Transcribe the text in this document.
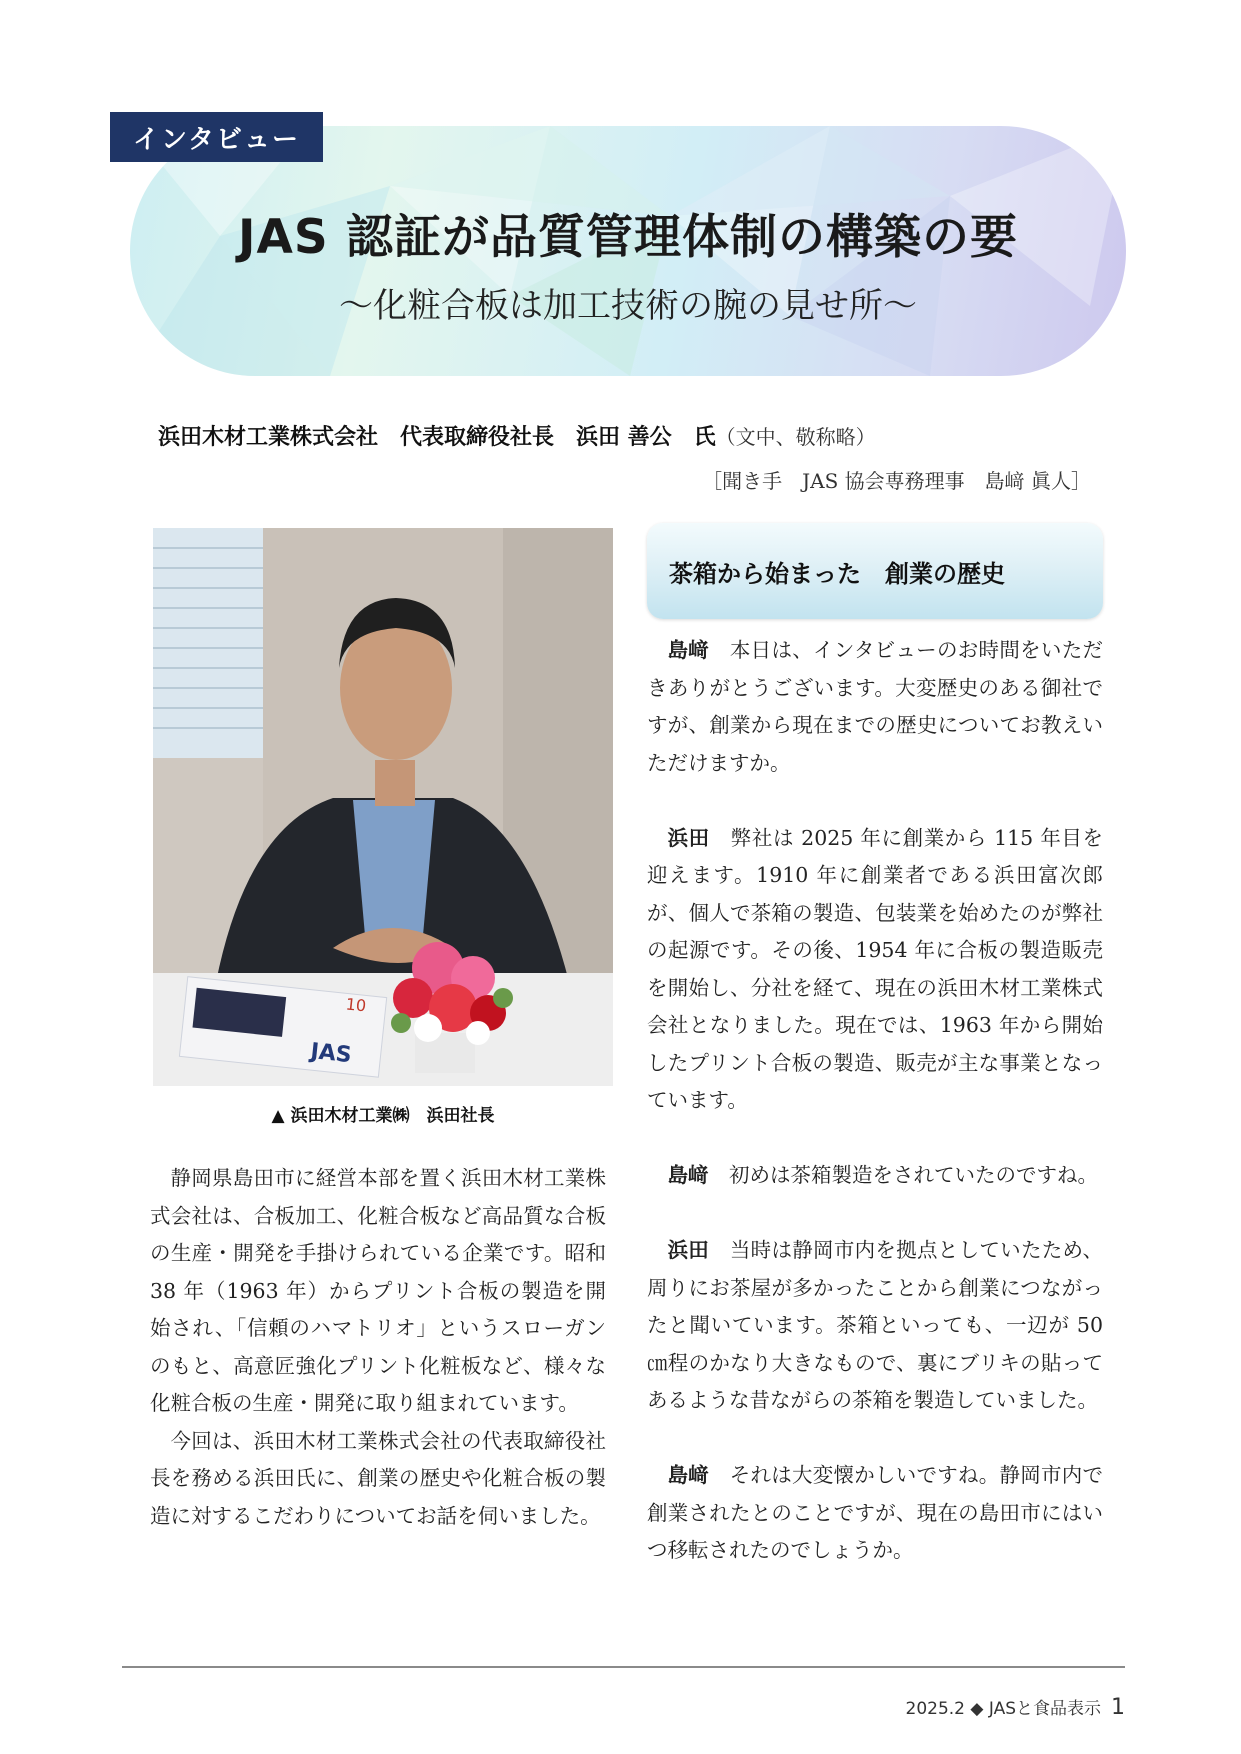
インタビュー
JAS 認証が品質管理体制の構築の要
～化粧合板は加工技術の腕の見せ所～
浜田木材工業株式会社　代表取締役社長　浜田 善公　氏（文中、敬称略）
［聞き手　JAS 協会専務理事　島﨑 眞人］
JAS
10
▲ 浜田木材工業㈱　浜田社長

静岡県島田市に経営本部を置く浜田木材工業株式会社は、合板加工、化粧合板など高品質な合板の生産・開発を手掛けられている企業です。昭和 38 年（1963 年）からプリント合板の製造を開始され、「信頼のハマトリオ」というスローガンのもと、高意匠強化プリント化粧板など、様々な化粧合板の生産・開発に取り組まれています。

今回は、浜田木材工業株式会社の代表取締役社長を務める浜田氏に、創業の歴史や化粧合板の製造に対するこだわりについてお話を伺いました。

茶箱から始まった　創業の歴史

島﨑　 本日は、インタビューのお時間をいただきありがとうございます。大変歴史のある御社ですが、創業から現在までの歴史についてお教えいただけますか。

浜田　 弊社は 2025 年に創業から 115 年目を迎えます。1910 年に創業者である浜田富次郎が、個人で茶箱の製造、包装業を始めたのが弊社の起源です。その後、1954 年に合板の製造販売を開始し、分社を経て、現在の浜田木材工業株式会社となりました。現在では、1963 年から開始したプリント合板の製造、販売が主な事業となっています。

島﨑　 初めは茶箱製造をされていたのですね。

浜田　 当時は静岡市内を拠点としていたため、周りにお茶屋が多かったことから創業につながったと聞いています。茶箱といっても、一辺が 50 ㎝程のかなり大きなもので、裏にブリキの貼ってあるような昔ながらの茶箱を製造していました。

島﨑　 それは大変懐かしいですね。静岡市内で創業されたとのことですが、現在の島田市にはいつ移転されたのでしょうか。

2025.2 ◆ JASと食品表示 1
